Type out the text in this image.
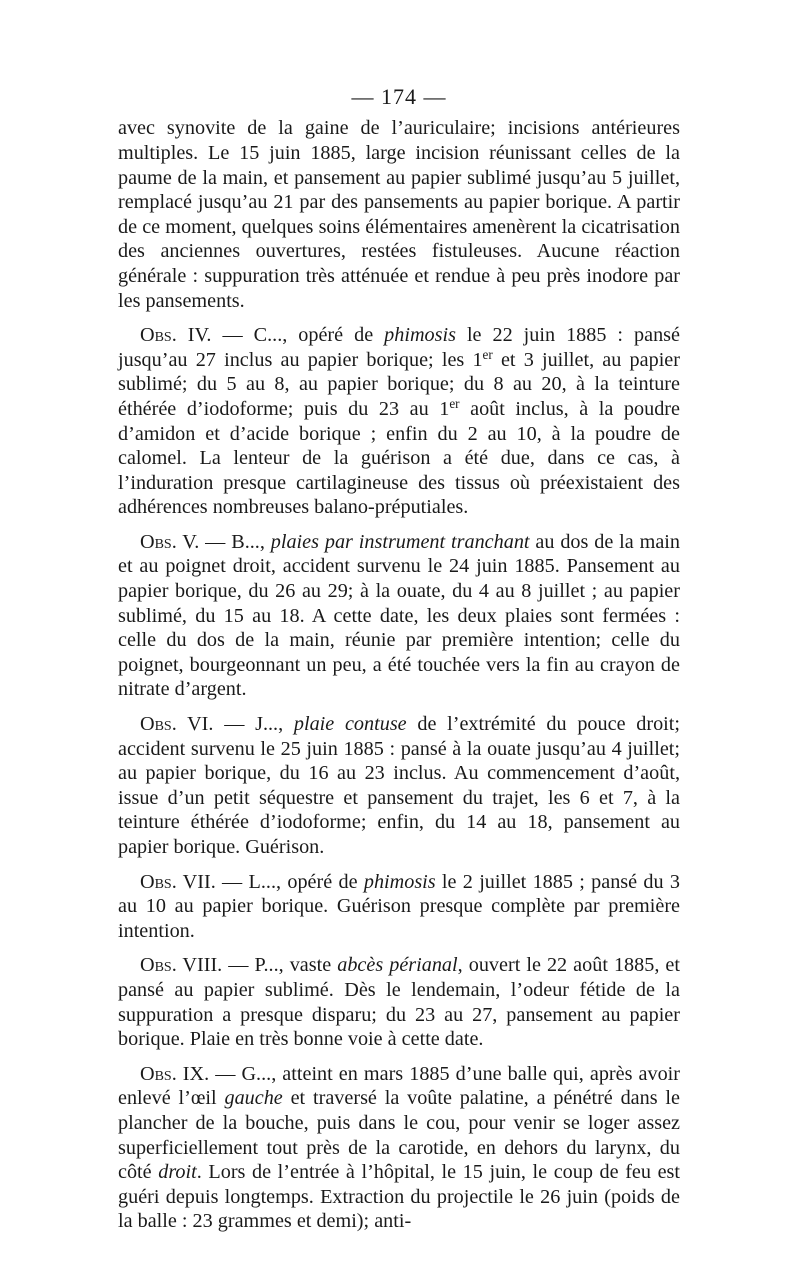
— 174 —

avec synovite de la gaine de l’auriculaire; incisions antérieures multiples. Le 15 juin 1885, large incision réunissant celles de la paume de la main, et pansement au papier sublimé jusqu’au 5 juillet, remplacé jusqu’au 21 par des pansements au papier borique. A partir de ce moment, quelques soins élémentaires amenèrent la cicatrisation des anciennes ouvertures, restées fistuleuses. Aucune réaction générale : suppuration très atténuée et rendue à peu près inodore par les pansements.

Obs. IV. — C..., opéré de phimosis le 22 juin 1885 : pansé jusqu’au 27 inclus au papier borique; les 1er et 3 juillet, au papier sublimé; du 5 au 8, au papier borique; du 8 au 20, à la teinture éthérée d’iodoforme; puis du 23 au 1er août inclus, à la poudre d’amidon et d’acide borique ; enfin du 2 au 10, à la poudre de calomel. La lenteur de la guérison a été due, dans ce cas, à l’induration presque cartilagineuse des tissus où préexistaient des adhérences nombreuses balano-préputiales.

Obs. V. — B..., plaies par instrument tranchant au dos de la main et au poignet droit, accident survenu le 24 juin 1885. Pansement au papier borique, du 26 au 29; à la ouate, du 4 au 8 juillet ; au papier sublimé, du 15 au 18. A cette date, les deux plaies sont fermées : celle du dos de la main, réunie par première intention; celle du poignet, bourgeonnant un peu, a été touchée vers la fin au crayon de nitrate d’argent.

Obs. VI. — J..., plaie contuse de l’extrémité du pouce droit; accident survenu le 25 juin 1885 : pansé à la ouate jusqu’au 4 juillet; au papier borique, du 16 au 23 inclus. Au commencement d’août, issue d’un petit séquestre et pansement du trajet, les 6 et 7, à la teinture éthérée d’iodoforme; enfin, du 14 au 18, pansement au papier borique. Guérison.

Obs. VII. — L..., opéré de phimosis le 2 juillet 1885 ; pansé du 3 au 10 au papier borique. Guérison presque complète par première intention.

Obs. VIII. — P..., vaste abcès périanal, ouvert le 22 août 1885, et pansé au papier sublimé. Dès le lendemain, l’odeur fétide de la suppuration a presque disparu; du 23 au 27, pansement au papier borique. Plaie en très bonne voie à cette date.

Obs. IX. — G..., atteint en mars 1885 d’une balle qui, après avoir enlevé l’œil gauche et traversé la voûte palatine, a pénétré dans le plancher de la bouche, puis dans le cou, pour venir se loger assez superficiellement tout près de la carotide, en dehors du larynx, du côté droit. Lors de l’entrée à l’hôpital, le 15 juin, le coup de feu est guéri depuis longtemps. Extraction du projectile le 26 juin (poids de la balle : 23 grammes et demi); anti-
